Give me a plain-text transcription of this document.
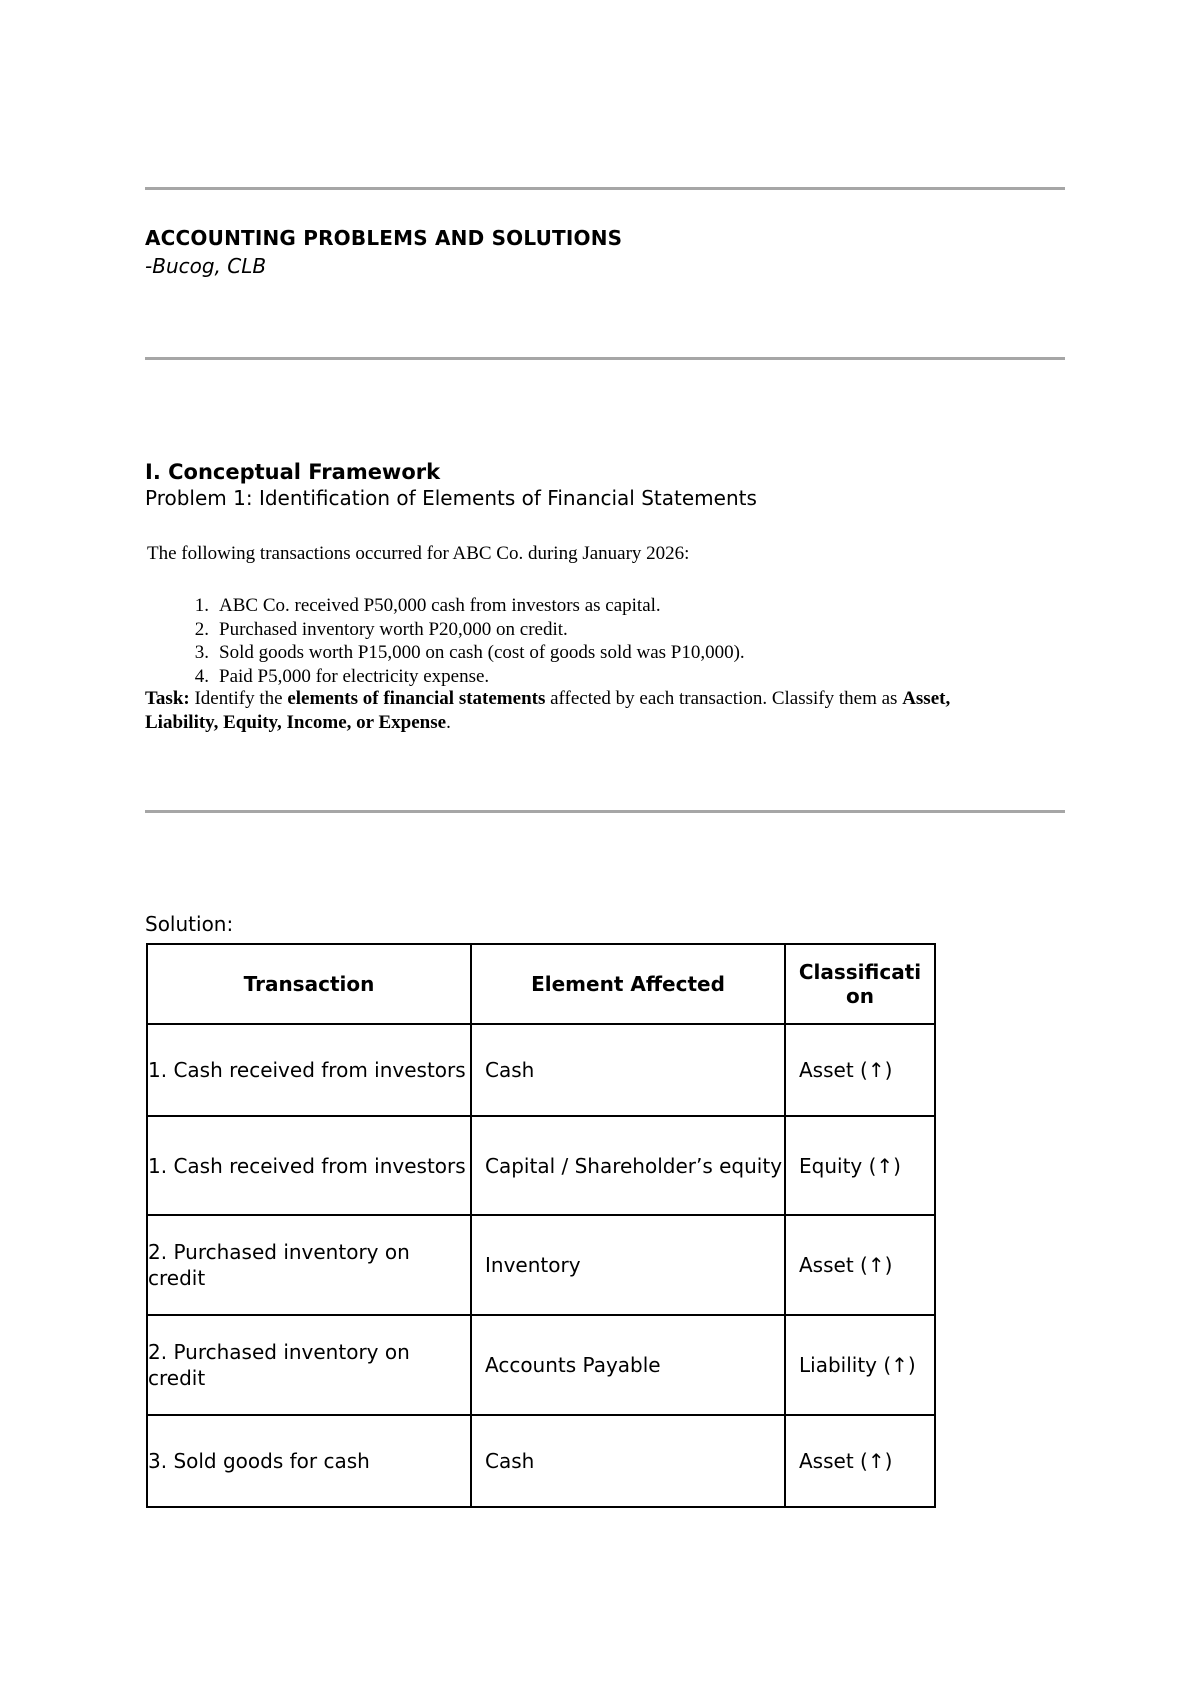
ACCOUNTING PROBLEMS AND SOLUTIONS
-Bucog, CLB
I. Conceptual Framework
Problem 1: Identification of Elements of Financial Statements
The following transactions occurred for ABC Co. during January 2026:
1. ABC Co. received P50,000 cash from investors as capital.
2. Purchased inventory worth P20,000 on credit.
3. Sold goods worth P15,000 on cash (cost of goods sold was P10,000).
4. Paid P5,000 for electricity expense.
Task: Identify the elements of financial statements affected by each transaction. Classify them as Asset,
Liability, Equity, Income, or Expense.
Solution:
Transaction	Element Affected	Classificati on
1. Cash received from investors	Cash	Asset (↑)
1. Cash received from investors	Capital / Shareholder’s equity	Equity (↑)
2. Purchased inventory on credit	Inventory	Asset (↑)
2. Purchased inventory on credit	Accounts Payable	Liability (↑)
3. Sold goods for cash	Cash	Asset (↑)
